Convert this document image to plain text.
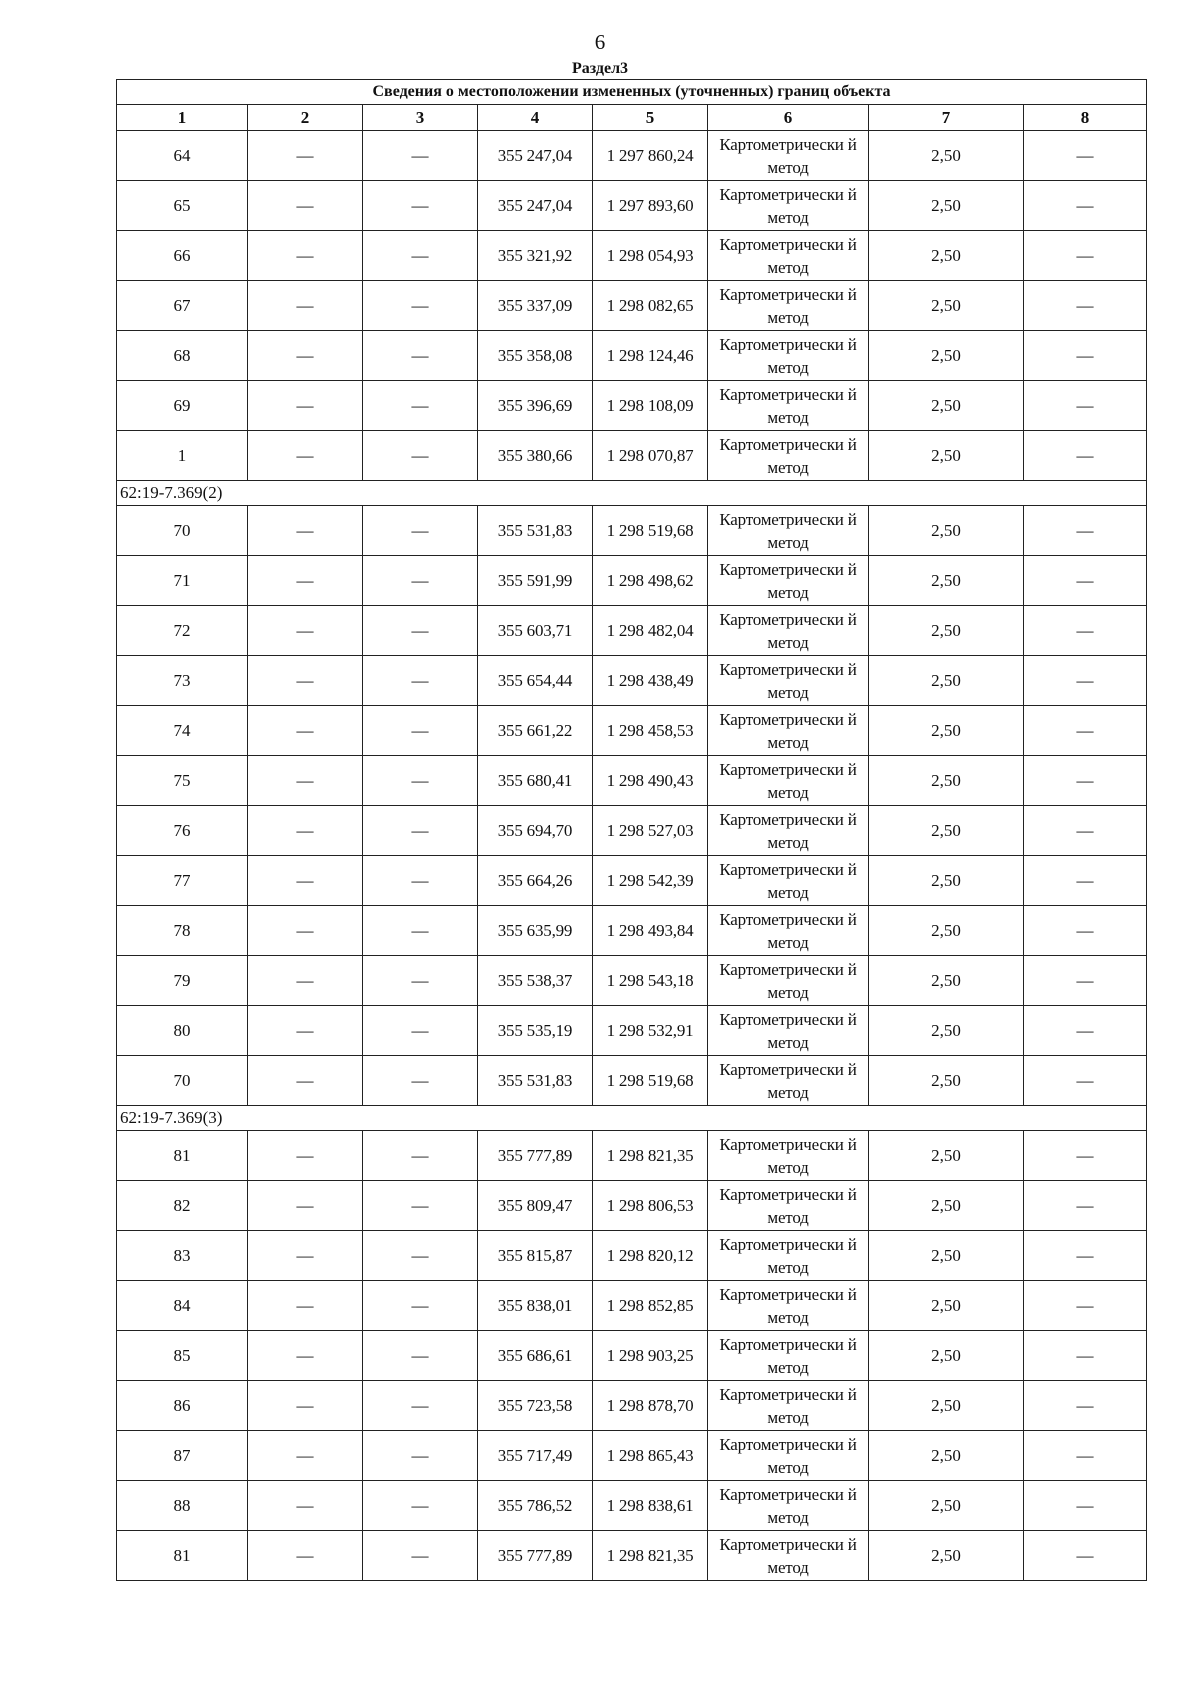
6
Раздел3
Сведения о местоположении измененных (уточненных) границ объекта							
1	2	3	4	5	6	7	8
64	—	—	355 247,04	1 297 860,24	Картометрически й метод	2,50	—
65	—	—	355 247,04	1 297 893,60	Картометрически й метод	2,50	—
66	—	—	355 321,92	1 298 054,93	Картометрически й метод	2,50	—
67	—	—	355 337,09	1 298 082,65	Картометрически й метод	2,50	—
68	—	—	355 358,08	1 298 124,46	Картометрически й метод	2,50	—
69	—	—	355 396,69	1 298 108,09	Картометрически й метод	2,50	—
1	—	—	355 380,66	1 298 070,87	Картометрически й метод	2,50	—
62:19-7.369(2)							
70	—	—	355 531,83	1 298 519,68	Картометрически й метод	2,50	—
71	—	—	355 591,99	1 298 498,62	Картометрически й метод	2,50	—
72	—	—	355 603,71	1 298 482,04	Картометрически й метод	2,50	—
73	—	—	355 654,44	1 298 438,49	Картометрически й метод	2,50	—
74	—	—	355 661,22	1 298 458,53	Картометрически й метод	2,50	—
75	—	—	355 680,41	1 298 490,43	Картометрически й метод	2,50	—
76	—	—	355 694,70	1 298 527,03	Картометрически й метод	2,50	—
77	—	—	355 664,26	1 298 542,39	Картометрически й метод	2,50	—
78	—	—	355 635,99	1 298 493,84	Картометрически й метод	2,50	—
79	—	—	355 538,37	1 298 543,18	Картометрически й метод	2,50	—
80	—	—	355 535,19	1 298 532,91	Картометрически й метод	2,50	—
70	—	—	355 531,83	1 298 519,68	Картометрически й метод	2,50	—
62:19-7.369(3)							
81	—	—	355 777,89	1 298 821,35	Картометрически й метод	2,50	—
82	—	—	355 809,47	1 298 806,53	Картометрически й метод	2,50	—
83	—	—	355 815,87	1 298 820,12	Картометрически й метод	2,50	—
84	—	—	355 838,01	1 298 852,85	Картометрически й метод	2,50	—
85	—	—	355 686,61	1 298 903,25	Картометрически й метод	2,50	—
86	—	—	355 723,58	1 298 878,70	Картометрически й метод	2,50	—
87	—	—	355 717,49	1 298 865,43	Картометрически й метод	2,50	—
88	—	—	355 786,52	1 298 838,61	Картометрически й метод	2,50	—
81	—	—	355 777,89	1 298 821,35	Картометрически й метод	2,50	—
